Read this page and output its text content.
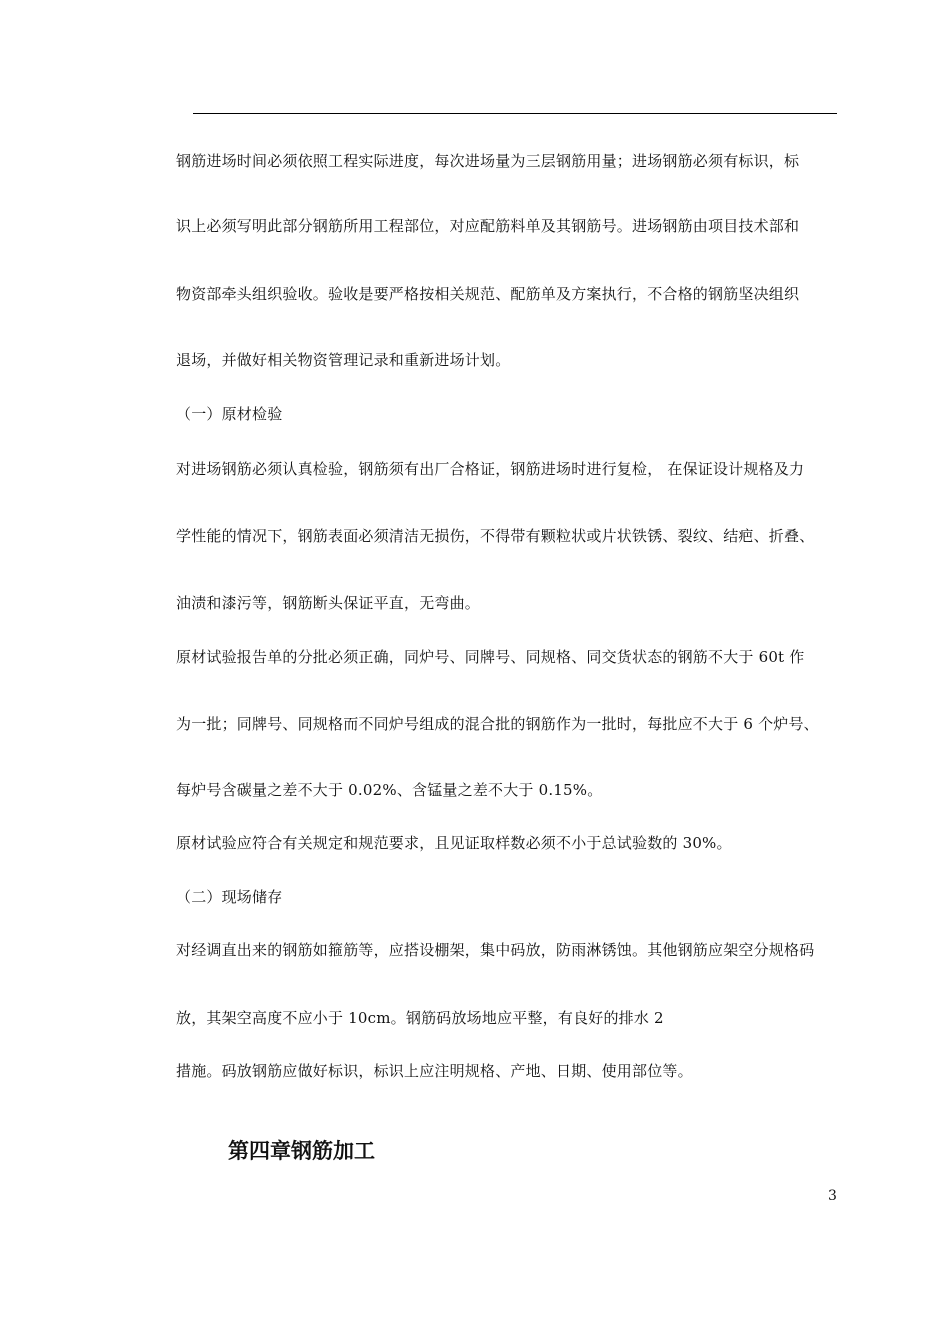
钢筋进场时间必须依照工程实际进度，每次进场量为三层钢筋用量；进场钢筋必须有标识，标
识上必须写明此部分钢筋所用工程部位，对应配筋料单及其钢筋号。进场钢筋由项目技术部和
物资部牵头组织验收。验收是要严格按相关规范、配筋单及方案执行，不合格的钢筋坚决组织
退场，并做好相关物资管理记录和重新进场计划。
（一）原材检验
对进场钢筋必须认真检验，钢筋须有出厂合格证，钢筋进场时进行复检， 在保证设计规格及力
学性能的情况下，钢筋表面必须清洁无损伤，不得带有颗粒状或片状铁锈、裂纹、结疤、折叠、
油渍和漆污等，钢筋断头保证平直，无弯曲。
原材试验报告单的分批必须正确，同炉号、同牌号、同规格、同交货状态的钢筋不大于 60t 作
为一批；同牌号、同规格而不同炉号组成的混合批的钢筋作为一批时，每批应不大于 6 个炉号、
每炉号含碳量之差不大于 0.02%、含锰量之差不大于 0.15%。
原材试验应符合有关规定和规范要求，且见证取样数必须不小于总试验数的 30%。
（二）现场储存
对经调直出来的钢筋如箍筋等，应搭设棚架，集中码放，防雨淋锈蚀。其他钢筋应架空分规格码
放，其架空高度不应小于 10cm。钢筋码放场地应平整，有良好的排水 2
措施。码放钢筋应做好标识，标识上应注明规格、产地、日期、使用部位等。
第四章钢筋加工
3
